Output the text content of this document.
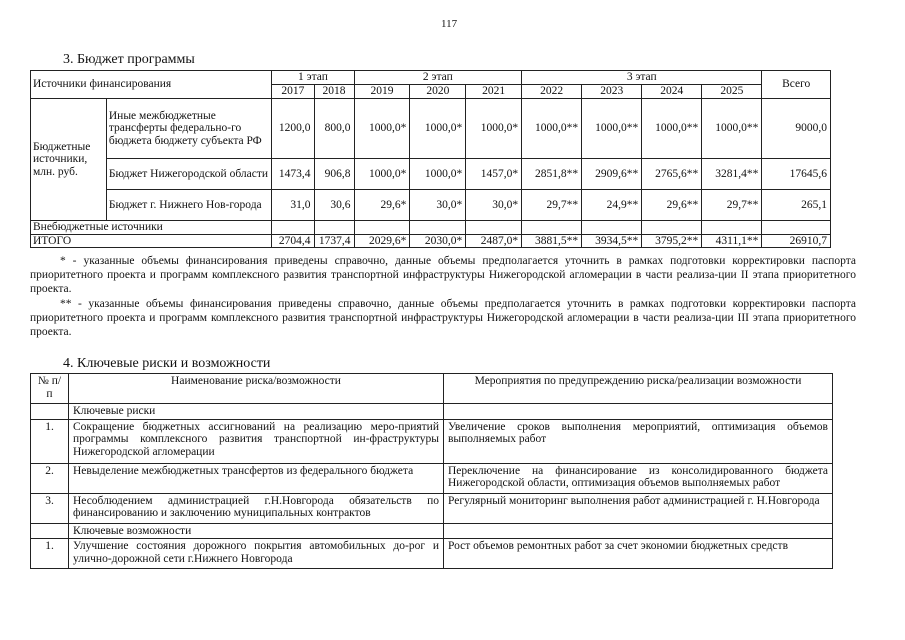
117
3. Бюджет программы
Источники финансирования		1 этап		2 этап			3 этап				Всего
		2017	2018	2019	2020	2021	2022	2023	2024	2025	
Бюджетные источники, млн. руб.	Иные межбюджетные трансферты федерально-го бюджета бюджету субъекта РФ	1200,0	800,0	1000,0*	1000,0*	1000,0*	1000,0**	1000,0**	1000,0**	1000,0**	9000,0
	Бюджет Нижегородской области	1473,4	906,8	1000,0*	1000,0*	1457,0*	2851,8**	2909,6**	2765,6**	3281,4**	17645,6
	Бюджет г. Нижнего Нов-города	31,0	30,6	29,6*	30,0*	30,0*	29,7**	24,9**	29,6**	29,7**	265,1
Внебюджетные источники											
ИТОГО		2704,4	1737,4	2029,6*	2030,0*	2487,0*	3881,5**	3934,5**	3795,2**	4311,1**	26910,7
* - указанные объемы финансирования приведены справочно, данные объемы предполагается уточнить в рамках подготовки корректировки паспорта приоритетного проекта и программ комплексного развития транспортной инфраструктуры Нижегородской агломерации в части реализа-ции II этапа приоритетного проекта.
** - указанные объемы финансирования приведены справочно, данные объемы предполагается уточнить в рамках подготовки корректировки паспорта приоритетного проекта и программ комплексного развития транспортной инфраструктуры Нижегородской агломерации в части реализа-ции III этапа приоритетного проекта.
4. Ключевые риски и возможности
№ п/п	Наименование риска/возможности	Мероприятия по предупреждению риска/реализации возможности
	Ключевые риски	
1.	Сокращение бюджетных ассигнований на реализацию меро-приятий программы комплексного развития транспортной ин-фраструктуры Нижегородской агломерации	Увеличение сроков выполнения мероприятий, оптимизация объемов выполняемых работ
2.	Невыделение межбюджетных трансфертов из федерального бюджета	Переключение на финансирование из консолидированного бюджета Нижегородской области, оптимизация объемов выполняемых работ
3.	Несоблюдением администрацией г.Н.Новгорода обязательств по финансированию и заключению муниципальных контрактов	Регулярный мониторинг выполнения работ администрацией г. Н.Новгорода
	Ключевые возможности	
1.	Улучшение состояния дорожного покрытия автомобильных до-рог и улично-дорожной сети г.Нижнего Новгорода	Рост объемов ремонтных работ за счет экономии бюджетных средств
